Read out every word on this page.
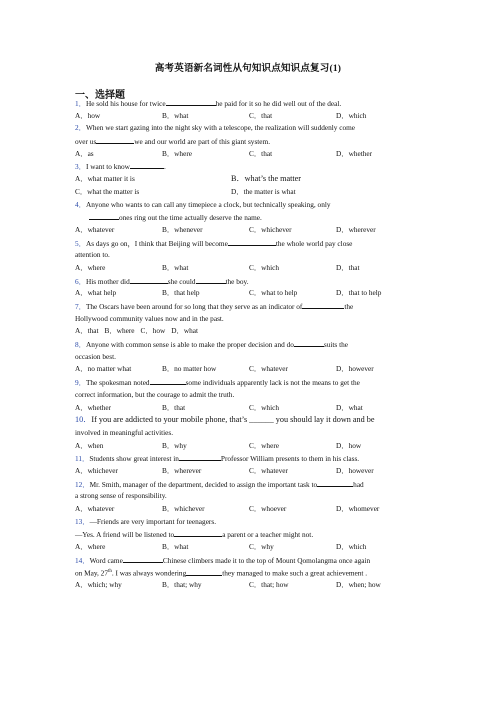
高考英语新名词性从句知识点知识点复习(1)
一、选择题
1．He sold his house for twice	he paid for it so he did well out of the deal.
A．how	B．what	C．that	D．which
2．When we start gazing into the night sky with a telescope, the realization will suddenly come
over us	we and our world are part of this giant system.
A．as	B．where	C．that	D．whether
3．I want to know	.
A．what matter it is	B．what’s the matter
C．what the matter is	D．the matter is what
4．Anyone who wants to can call any timepiece a clock, but technically speaking, only
ones ring out the time actually deserve the name.
A．whatever	B．whenever	C．whichever	D．wherever
5．As days go on，I think that Beijing will become	the whole world pay close
attention to.
A．where	B．what	C．which	D．that
6．His mother did	she could	the boy.
A．what help	B．that help	C．what to help	D．that to help
7．The Oscars have been around for so long that they serve as an indicator of	the
Hollywood community values now and in the past.
A．that B．where C．how D．what
8．Anyone with common sense is able to make the proper decision and do	suits the
occasion best.
A．no matter what	B．no matter how	C．whatever	D．however
9．The spokesman noted	some individuals apparently lack is not the means to get the
correct information, but the courage to admit the truth.
A．whether	B．that	C．which	D．what
10．If you are addicted to your mobile phone, that’s ______ you should lay it down and be
involved in meaningful activities.
A．when	B．why	C．where	D．how
11．Students show great interest in	Professor William presents to them in his class.
A．whichever	B．wherever	C．whatever	D．however
12．Mr. Smith, manager of the department, decided to assign the important task to	had
a strong sense of responsibility.
A．whatever	B．whichever	C．whoever	D．whomever
13．—Friends are very important for teenagers.
—Yes. A friend will be listened to	a parent or a teacher might not.
A．where	B．what	C．why	D．which
14．Word came	Chinese climbers made it to the top of Mount Qomolangma once again
on May, 27th. I was always wondering	they managed to make such a great achievement .
A．which; why	B．that; why	C．that; how	D．when; how
